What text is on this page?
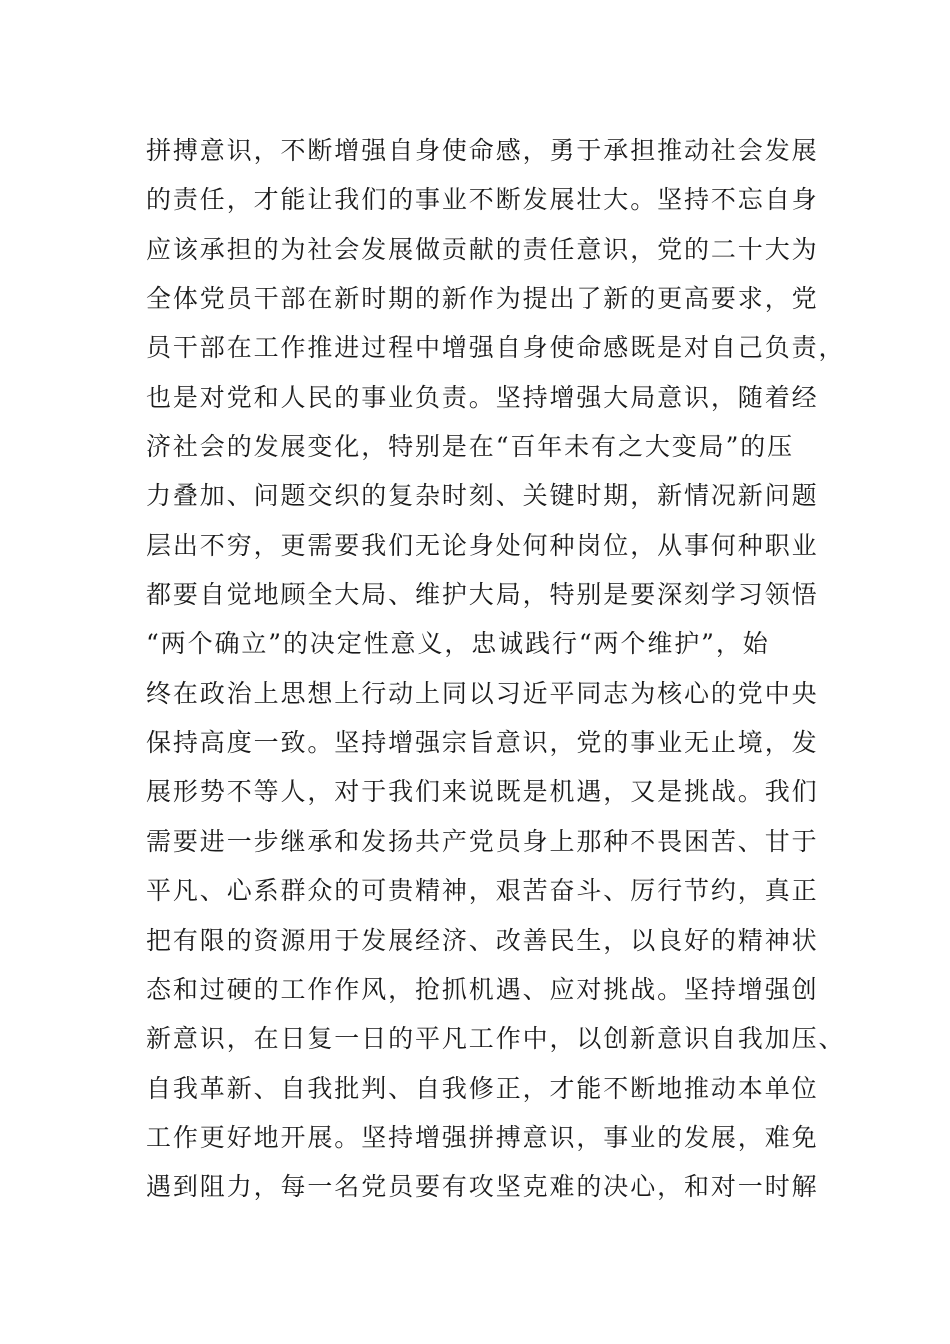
拼搏意识，不断增强自身使命感，勇于承担推动社会发展
的责任，才能让我们的事业不断发展壮大。坚持不忘自身
应该承担的为社会发展做贡献的责任意识，党的二十大为
全体党员干部在新时期的新作为提出了新的更高要求，党
员干部在工作推进过程中增强自身使命感既是对自己负责，
也是对党和人民的事业负责。坚持增强大局意识，随着经
济社会的发展变化，特别是在“百年未有之大变局”的压
力叠加、问题交织的复杂时刻、关键时期，新情况新问题
层出不穷，更需要我们无论身处何种岗位，从事何种职业
都要自觉地顾全大局、维护大局，特别是要深刻学习领悟
“两个确立”的决定性意义，忠诚践行“两个维护”，始
终在政治上思想上行动上同以习近平同志为核心的党中央
保持高度一致。坚持增强宗旨意识，党的事业无止境，发
展形势不等人，对于我们来说既是机遇，又是挑战。我们
需要进一步继承和发扬共产党员身上那种不畏困苦、甘于
平凡、心系群众的可贵精神，艰苦奋斗、厉行节约，真正
把有限的资源用于发展经济、改善民生，以良好的精神状
态和过硬的工作作风，抢抓机遇、应对挑战。坚持增强创
新意识，在日复一日的平凡工作中，以创新意识自我加压、
自我革新、自我批判、自我修正，才能不断地推动本单位
工作更好地开展。坚持增强拼搏意识，事业的发展，难免
遇到阻力，每一名党员要有攻坚克难的决心，和对一时解
